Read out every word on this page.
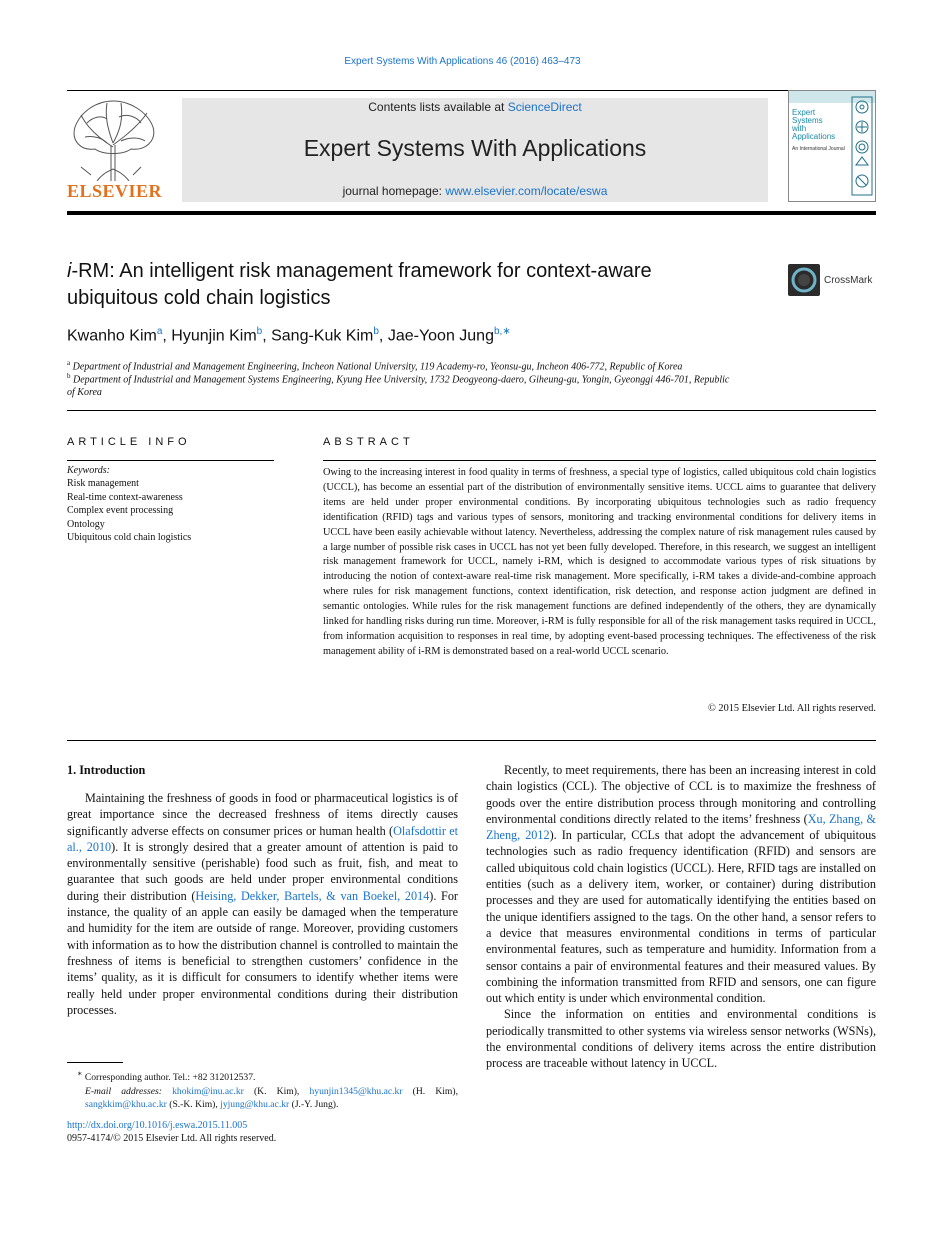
Expert Systems With Applications 46 (2016) 463–473
ELSEVIER
Contents lists available at ScienceDirect
Expert Systems With Applications
journal homepage: www.elsevier.com/locate/eswa
Expert
Systems
with
Applications
An International Journal
i-RM: An intelligent risk management framework for context-aware
ubiquitous cold chain logistics
CrossMark
Kwanho Kim$^a$, Hyunjin Kim$^b$, Sang-Kuk Kim$^b$, Jae-Yoon Jung$^{b,∗}$
$^a$ Department of Industrial and Management Engineering, Incheon National University, 119 Academy-ro, Yeonsu-gu, Incheon 406-772, Republic of Korea
$^b$ Department of Industrial and Management Systems Engineering, Kyung Hee University, 1732 Deogyeong-daero, Giheung-gu, Yongin, Gyeonggi 446-701, Republic of Korea
ARTICLE INFO
Keywords:
Risk management
Real-time context-awareness
Complex event processing
Ontology
Ubiquitous cold chain logistics
ABSTRACT
Owing to the increasing interest in food quality in terms of freshness, a special type of logistics, called ubiquitous cold chain logistics (UCCL), has become an essential part of the distribution of environmentally sensitive items. UCCL aims to guarantee that delivery items are held under proper environmental conditions. By incorporating ubiquitous technologies such as radio frequency identification (RFID) tags and various types of sensors, monitoring and tracking environmental conditions for delivery items in UCCL have been easily achievable without latency. Nevertheless, addressing the complex nature of risk management rules caused by a large number of possible risk cases in UCCL has not yet been fully developed. Therefore, in this research, we suggest an intelligent risk management framework for UCCL, namely i-RM, which is designed to accommodate various types of risk situations by introducing the notion of context-aware real-time risk management. More specifically, i-RM takes a divide-and-combine approach where rules for risk management functions, context identification, risk detection, and response action judgment are defined in semantic ontologies. While rules for the risk management functions are defined independently of the others, they are dynamically linked for handling risks during run time. Moreover, i-RM is fully responsible for all of the risk management tasks required in UCCL, from information acquisition to responses in real time, by adopting event-based processing techniques. The effectiveness of the risk management ability of i-RM is demonstrated based on a real-world UCCL scenario.
© 2015 Elsevier Ltd. All rights reserved.
1. Introduction

Maintaining the freshness of goods in food or pharmaceutical logistics is of great importance since the decreased freshness of items directly causes significantly adverse effects on consumer prices or human health (Olafsdottir et al., 2010). It is strongly desired that a greater amount of attention is paid to environmentally sensitive (perishable) food such as fruit, fish, and meat to guarantee that such goods are held under proper environmental conditions during their distribution (Heising, Dekker, Bartels, & van Boekel, 2014). For instance, the quality of an apple can easily be damaged when the temperature and humidity for the item are outside of range. Moreover, providing customers with information as to how the distribution channel is controlled to maintain the freshness of items is beneficial to strengthen customers’ confidence in the items’ quality, as it is difficult for consumers to identify whether items were really held under proper environmental conditions during their distribution processes.

Recently, to meet requirements, there has been an increasing interest in cold chain logistics (CCL). The objective of CCL is to maximize the freshness of goods over the entire distribution process through monitoring and controlling environmental conditions directly related to the items’ freshness (Xu, Zhang, & Zheng, 2012). In particular, CCLs that adopt the advancement of ubiquitous technologies such as radio frequency identification (RFID) and sensors are called ubiquitous cold chain logistics (UCCL). Here, RFID tags are installed on entities (such as a delivery item, worker, or container) during distribution processes and they are used for automatically identifying the entities based on the unique identifiers assigned to the tags. On the other hand, a sensor refers to a device that measures environmental conditions in terms of particular environmental features, such as temperature and humidity. Information from a sensor contains a pair of environmental features and their measured values. By combining the information transmitted from RFID and sensors, one can figure out which entity is under which environmental condition.

Since the information on entities and environmental conditions is periodically transmitted to other systems via wireless sensor networks (WSNs), the environmental conditions of delivery items across the entire distribution process are traceable without latency in UCCL.

∗ Corresponding author. Tel.: +82 312012537.
E-mail addresses: khokim@inu.ac.kr (K. Kim), hyunjin1345@khu.ac.kr (H. Kim), sangkkim@khu.ac.kr (S.-K. Kim), jyjung@khu.ac.kr (J.-Y. Jung).
http://dx.doi.org/10.1016/j.eswa.2015.11.005
0957-4174/© 2015 Elsevier Ltd. All rights reserved.
